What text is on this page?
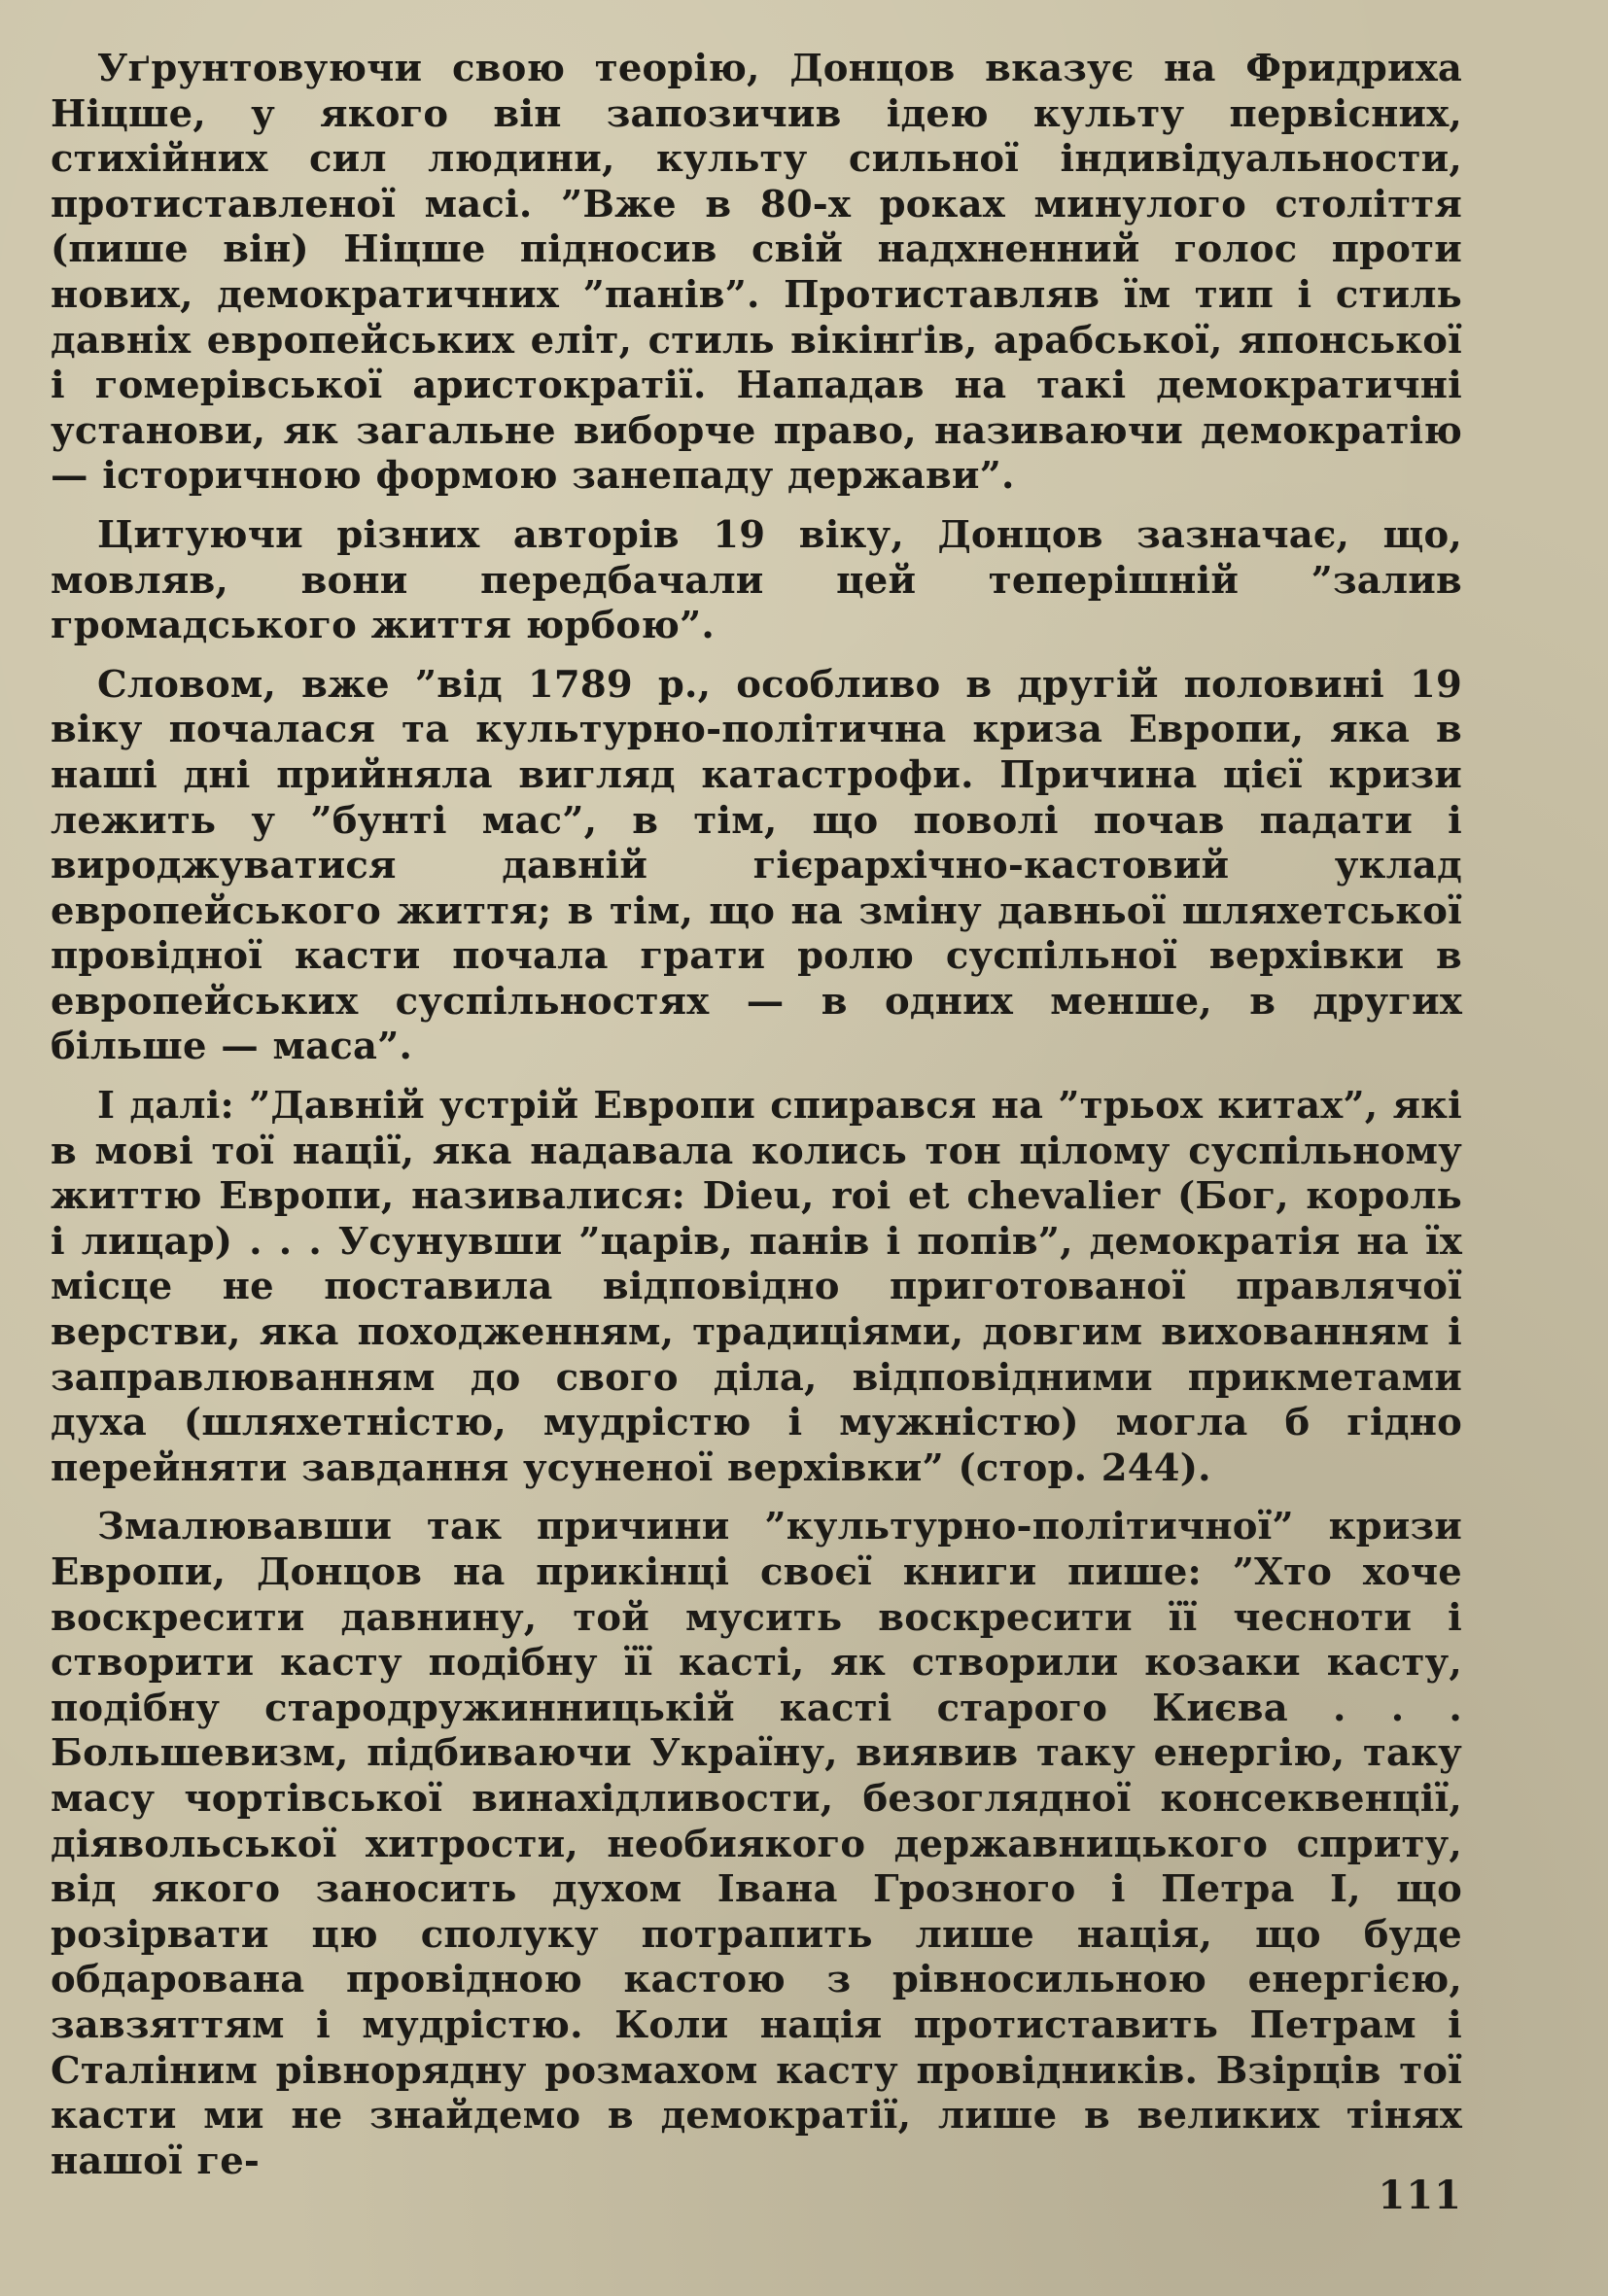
Уґрунтовуючи свою теорію, Донцов вказує на Фридриха Ніцше, у якого він запозичив ідею культу первісних, стихійних сил людини, культу сильної індивідуальности, протиставленої масі. ”Вже в 80-х роках минулого століття (пише він) Ніцше підносив свій надхненний голос проти нових, демократичних ”панів”. Протиставляв їм тип і стиль давніх европейських еліт, стиль вікінґів, арабської, японської і гомерівської аристократії. Нападав на такі демократичні установи, як загальне виборче право, називаючи демократію — історичною формою занепаду держави”.

Цитуючи різних авторів 19 віку, Донцов зазначає, що, мовляв, вони передбачали цей теперішній ”залив громадського життя юрбою”.

Словом, вже ”від 1789 р., особливо в другій половині 19 віку почалася та культурно-політична криза Европи, яка в наші дні прийняла вигляд катастрофи. Причина цієї кризи лежить у ”бунті мас”, в тім, що поволі почав падати і вироджуватися давній гієрархічно-кастовий уклад европейського життя; в тім, що на зміну давньої шляхетської провідної касти почала грати ролю суспільної верхівки в европейських суспільностях — в одних менше, в других більше — маса”.

І далі: ”Давній устрій Европи спирався на ”трьох китах”, які в мові тої нації, яка надавала колись тон цілому суспільному життю Европи, називалися: Dieu, roi et chevalier (Бог, король і лицар) . . . Усунувши ”царів, панів і попів”, демократія на їх місце не поставила відповідно приготованої правлячої верстви, яка походженням, традиціями, довгим вихованням і заправлюванням до свого діла, відповідними прикметами духа (шляхетністю, мудрістю і мужністю) могла б гідно перейняти завдання усуненої верхівки” (стор. 244).

Змалювавши так причини ”культурно-політичної” кризи Европи, Донцов на прикінці своєї книги пише: ”Хто хоче воскресити давнину, той мусить воскресити її чесноти і створити касту подібну її касті, як створили козаки касту, подібну стародружинницькій касті старого Києва . . . Большевизм, підбиваючи Україну, виявив таку енергію, таку масу чортівської винахідливости, безоглядної консеквенції, діявольської хитрости, необиякого державницького сприту, від якого заносить духом Івана Грозного і Петра І, що розірвати цю сполуку потрапить лише нація, що буде обдарована провідною кастою з рівносильною енергією, завзяттям і мудрістю. Коли нація протиставить Петрам і Сталіним рівнорядну розмахом касту провідників. Взірців тої касти ми не знайдемо в демократії, лише в великих тінях нашої ге-

111
